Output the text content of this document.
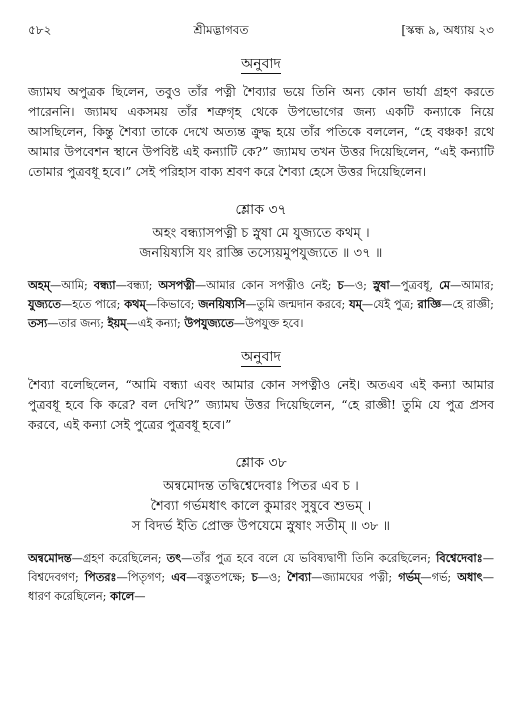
৫৮২	শ্রীমদ্ভাগবত	[স্কন্ধ ৯, অধ্যায় ২৩
অনুবাদ
জ্যামঘ অপুত্রক ছিলেন, তবুও তাঁর পত্নী শৈব্যার ভয়ে তিনি অন্য কোন ভার্যা গ্রহণ করতে পারেননি। জ্যামঘ একসময় তাঁর শত্রুগৃহ থেকে উপভোগের জন্য একটি কন্যাকে নিয়ে আসছিলেন, কিন্তু শৈব্যা তাকে দেখে অত্যন্ত ক্রুদ্ধ হয়ে তাঁর পতিকে বললেন, “হে বঞ্চক! রথে আমার উপবেশন স্থানে উপবিষ্ট এই কন্যাটি কে?” জ্যামঘ তখন উত্তর দিয়েছিলেন, “এই কন্যাটি তোমার পুত্রবধূ হবে।” সেই পরিহাস বাক্য শ্রবণ করে শৈব্যা হেসে উত্তর দিয়েছিলেন।
শ্লোক ৩৭
অহং বন্ধ্যাসপত্নী চ স্নুষা মে যুজ্যতে কথম্‌ ।
জনয়িষ্যসি যং রাজ্ঞি তস্যেয়মুপযুজ্যতে ॥ ৩৭ ॥
অহম্‌—আমি; বন্ধ্যা—বন্ধ্যা; অসপত্নী—আমার কোন সপত্নীও নেই; চ—ও; স্নুষা—পুত্রবধূ, মে—আমার; যুজ্যতে—হতে পারে; কথম্‌—কিভাবে; জনয়িষ্যসি—তুমি জন্মদান করবে; যম্‌—যেই পুত্র; রাজ্ঞি—হে রাজ্ঞী; তস্য—তার জন্য; ইয়ম্‌—এই কন্যা; উপযুজ্যতে—উপযুক্ত হবে।
অনুবাদ
শৈব্যা বলেছিলেন, “আমি বন্ধ্যা এবং আমার কোন সপত্নীও নেই। অতএব এই কন্যা আমার পুত্রবধূ হবে কি করে? বল দেখি?” জ্যামঘ উত্তর দিয়েছিলেন, “হে রাজ্ঞী! তুমি যে পুত্র প্রসব করবে, এই কন্যা সেই পুত্রের পুত্রবধূ হবে।”
শ্লোক ৩৮
অন্বমোদন্ত তদ্বিশ্বেদেবাঃ পিতর এব চ ।
শৈব্যা গর্ভমধাৎ কালে কুমারং সুষুবে শুভম্‌ ।
স বিদর্ভ ইতি প্রোক্ত উপযেমে স্নুষাং সতীম্‌ ॥ ৩৮ ॥
অন্বমোদন্ত—গ্রহণ করেছিলেন; তৎ—তাঁর পুত্র হবে বলে যে ভবিষ্যদ্বাণী তিনি করেছিলেন; বিশ্বেদেবাঃ—বিশ্বদেবগণ; পিতরঃ—পিতৃগণ; এব—বস্তুতপক্ষে; চ—ও; শৈব্যা—জ্যামঘের পত্নী; গর্ভম্‌—গর্ভ; অধাৎ—ধারণ করেছিলেন; কালে—
